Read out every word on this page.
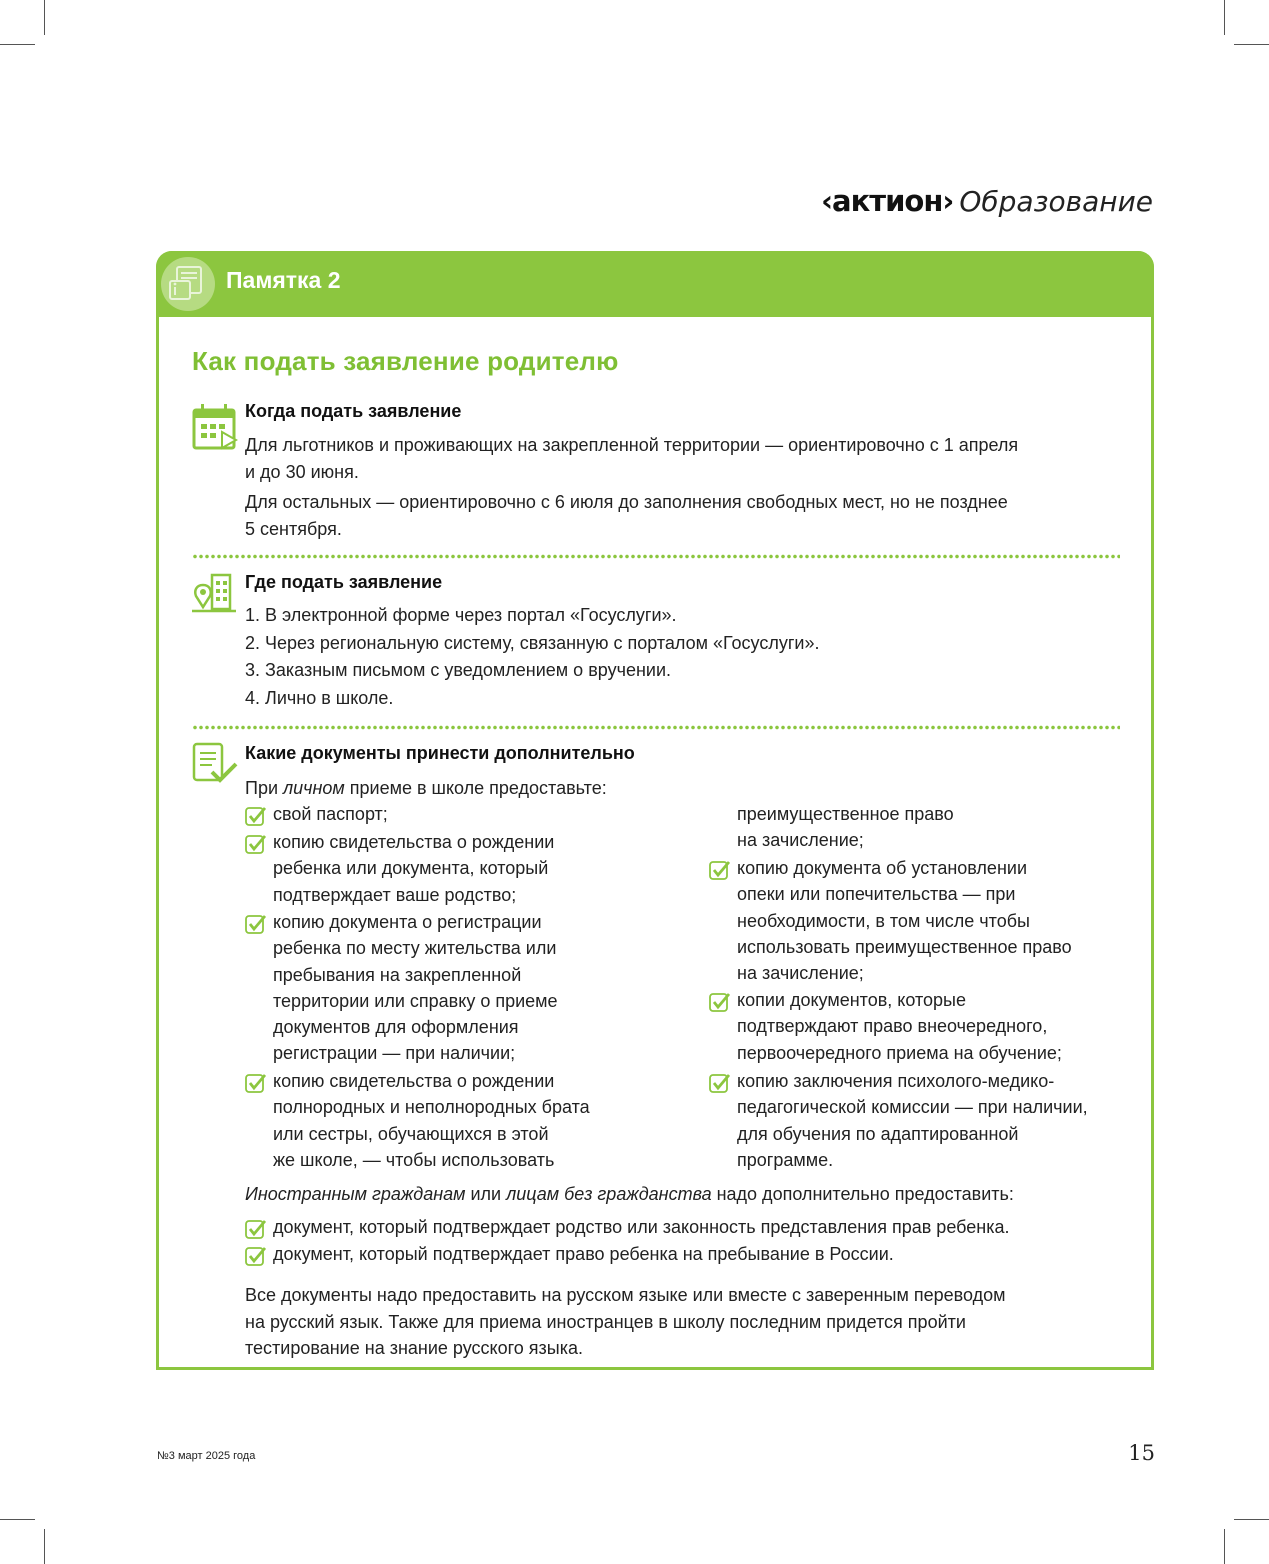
‹актион› Образование
Памятка 2
Как подать заявление родителю
Когда подать заявление
Для льготников и проживающих на закрепленной территории — ориентировочно с 1 апреля
и до 30 июня.
Для остальных — ориентировочно с 6 июля до заполнения свободных мест, но не позднее
5 сентября.
Где подать заявление
1. В электронной форме через портал «Госуслуги».
2. Через региональную систему, связанную с порталом «Госуслуги».
3. Заказным письмом с уведомлением о вручении.
4. Лично в школе.
Какие документы принести дополнительно
При личном приеме в школе предоставьте:
свой паспорт;
копию свидетельства о рождении
ребенка или документа, который
подтверждает ваше родство;
копию документа о регистрации
ребенка по месту жительства или
пребывания на закрепленной
территории или справку о приеме
документов для оформления
регистрации — при наличии;
копию свидетельства о рождении
полнородных и неполнородных брата
или сестры, обучающихся в этой
же школе, — чтобы использовать
преимущественное право
на зачисление;
копию документа об установлении
опеки или попечительства — при
необходимости, в том числе чтобы
использовать преимущественное право
на зачисление;
копии документов, которые
подтверждают право внеочередного,
первоочередного приема на обучение;
копию заключения психолого-медико-
педагогической комиссии — при наличии,
для обучения по адаптированной
программе.
Иностранным гражданам или лицам без гражданства надо дополнительно предоставить:
документ, который подтверждает родство или законность представления прав ребенка.
документ, который подтверждает право ребенка на пребывание в России.
Все документы надо предоставить на русском языке или вместе с заверенным переводом
на русский язык. Также для приема иностранцев в школу последним придется пройти
тестирование на знание русского языка.
№3 март 2025 года	15
